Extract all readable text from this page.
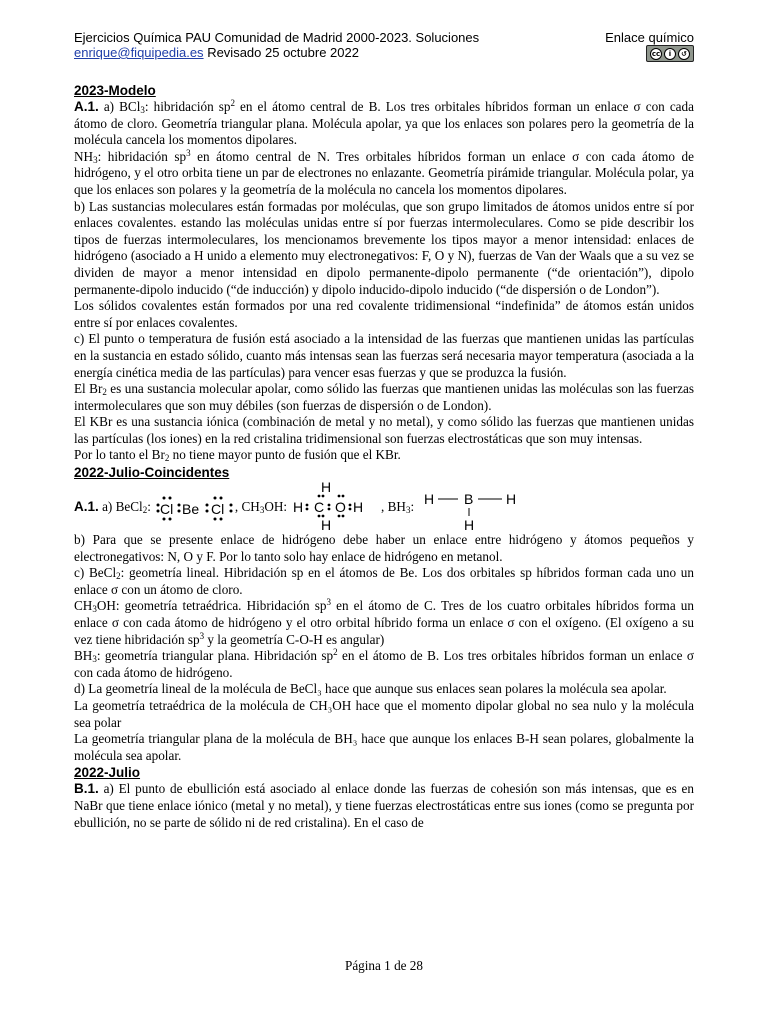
Ejercicios Química PAU Comunidad de Madrid 2000-2023. Soluciones	Enlace químico
enrique@fiquipedia.es Revisado 25 octubre 2022	cc	i	↺

2023-Modelo

A.1. a) BCl$_3$: hibridación $sp^2$ en el átomo central de B. Los tres orbitales híbridos forman un enlace σ con cada átomo de cloro. Geometría triangular plana. Molécula apolar, ya que los enlaces son polares pero la geometría de la molécula cancela los momentos dipolares.

$NH_3$: hibridación $sp^3$ en átomo central de N. Tres orbitales híbridos forman un enlace σ con cada átomo de hidrógeno, y el otro orbita tiene un par de electrones no enlazante. Geometría pirámide triangular. Molécula polar, ya que los enlaces son polares y la geometría de la molécula no cancela los momentos dipolares.

b) Las sustancias moleculares están formadas por moléculas, que son grupo limitados de átomos unidos entre sí por enlaces covalentes. estando las moléculas unidas entre sí por fuerzas intermoleculares. Como se pide describir los tipos de fuerzas intermoleculares, los mencionamos brevemente los tipos mayor a menor intensidad: enlaces de hidrógeno (asociado a H unido a elemento muy electronegativos: F, O y N), fuerzas de Van der Waals que a su vez se dividen de mayor a menor intensidad en dipolo permanente-dipolo permanente (“de orientación”), dipolo permanente-dipolo inducido (“de inducción) y dipolo inducido-dipolo inducido (“de dispersión o de London”).

Los sólidos covalentes están formados por una red covalente tridimensional “indefinida” de átomos están unidos entre sí por enlaces covalentes.

c) El punto o temperatura de fusión está asociado a la intensidad de las fuerzas que mantienen unidas las partículas en la sustancia en estado sólido, cuanto más intensas sean las fuerzas será necesaria mayor temperatura (asociada a la energía cinética media de las partículas) para vencer esas fuerzas y que se produzca la fusión.

El $Br_2$ es una sustancia molecular apolar, como sólido las fuerzas que mantienen unidas las moléculas son las fuerzas intermoleculares que son muy débiles (son fuerzas de dispersión o de London).

El KBr es una sustancia iónica (combinación de metal y no metal), y como sólido las fuerzas que mantienen unidas las partículas (los iones) en la red cristalina tridimensional son fuerzas electrostáticas que son muy intensas.

Por lo tanto el $Br_2$ no tiene mayor punto de fusión que el KBr.

2022-Julio-Coincidentes

A.1. a) BeCl$_2$: Cl Be Cl , $CH_3OH$:
H
H C O H
H
, $BH_3$: H B H
H

b) Para que se presente enlace de hidrógeno debe haber un enlace entre hidrógeno y átomos pequeños y electronegativos: N, O y F. Por lo tanto solo hay enlace de hidrógeno en metanol.

c) BeCl$_2$: geometría lineal. Hibridación sp en el átomos de Be. Los dos orbitales sp híbridos forman cada uno un enlace σ con un átomo de cloro.

$CH_3OH$: geometría tetraédrica. Hibridación $sp^3$ en el átomo de C. Tres de los cuatro orbitales híbridos forma un enlace σ con cada átomo de hidrógeno y el otro orbital híbrido forma un enlace σ con el oxígeno. (El oxígeno a su vez tiene hibridación $sp^3$ y la geometría C-O-H es angular)

$BH_3$: geometría triangular plana. Hibridación $sp^2$ en el átomo de B. Los tres orbitales híbridos forman un enlace σ con cada átomo de hidrógeno.

d) La geometría lineal de la molécula de BeCl₃ hace que aunque sus enlaces sean polares la molécula sea apolar.

La geometría tetraédrica de la molécula de CH₃OH hace que el momento dipolar global no sea nulo y la molécula sea polar

La geometría triangular plana de la molécula de BH₃ hace que aunque los enlaces B-H sean polares, globalmente la molécula sea apolar.

2022-Julio

B.1. a) El punto de ebullición está asociado al enlace donde las fuerzas de cohesión son más intensas, que es en NaBr que tiene enlace iónico (metal y no metal), y tiene fuerzas electrostáticas entre sus iones (como se pregunta por ebullición, no se parte de sólido ni de red cristalina). En el caso de

Página 1 de 28
